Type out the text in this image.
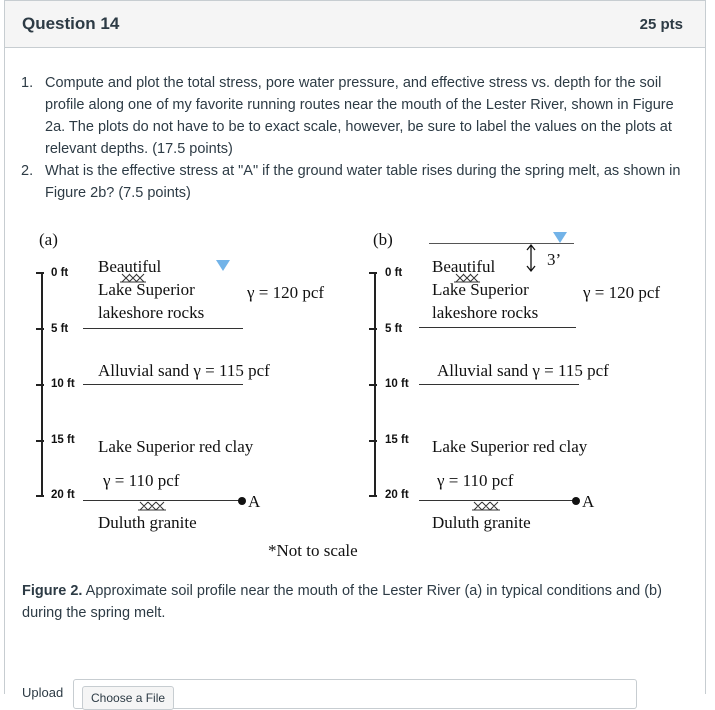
Question 14	25 pts
1. Compute and plot the total stress, pore water pressure, and effective stress vs. depth for the soil profile along one of my favorite running routes near the mouth of the Lester River, shown in Figure 2a. The plots do not have to be to exact scale, however, be sure to label the values on the plots at relevant depths. (17.5 points)
2. What is the effective stress at "A" if the ground water table rises during the spring melt, as shown in Figure 2b? (7.5 points)
(a)
0 ft
5 ft
10 ft
15 ft
20 ft
Beautiful
Lake Superior
lakeshore rocks
γ = 120 pcf
Alluvial sand γ = 115 pcf
Lake Superior red clay
γ = 110 pcf
A
Duluth granite
(b)
0 ft
5 ft
10 ft
15 ft
20 ft
3’
Beautiful
Lake Superior
lakeshore rocks
γ = 120 pcf
Alluvial sand γ = 115 pcf
Lake Superior red clay
γ = 110 pcf
A
Duluth granite
*Not to scale
Figure 2. Approximate soil profile near the mouth of the Lester River (a) in typical conditions and (b) during the spring melt.
Upload	Choose a File
